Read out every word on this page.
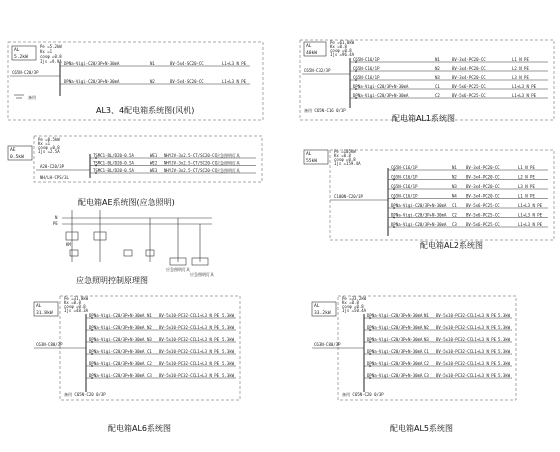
AL
5.2kW
Pe =5.2kW
Kx =1
cosφ =0.8
Ijs =9.9A
C65N-C20/3P
DPNa-Vigi-C20/3P+N-30mA	N1	BV-5x4-SC20-CC	L1+L3 N PE
DPNa-Vigi-C20/3P+N-30mA	N2	BV-5x4-SC20-CC	L1+L3 N PE
备用
AL3、4配电箱系统图(风机)
AL
40kW
Pe =61.8kW
Kx =0.8
cosφ =0.8
Ijs =96.4A
C65N-C32/3P
C65N-C16/1P	N1	BV-3x4-PC20-CC	L1 N PE
C65N-C16/1P	N2	BV-3x4-PC20-CC	L2 N PE
C65N-C16/1P	N3	BV-3x4-PC20-CC	L3 N PE
DPNa-Vigi-C20/3P+N-30mA	C1	BV-5x6-PC25-CC	L1+L3 N PE
DPNa-Vigi-C20/3P+N-30mA	C2	BV-5x6-PC25-CC	L1+L3 N PE
备用 C65N-C16 0/1P
配电箱AL1系统图
AE
0.5kW
Pe =0.5kW
Kx =1
cosφ =0.8
Ijs =2.5A
A20-C20/3P
TSMC1-BL/D20-0.5A	WE1 NHYJV-3x2.5-CT/SC20-CC 应急照明灯具
TSMC1-BL/D20-0.5A	WE2 NHYJV-3x2.5-CT/SC20-CC 应急照明灯具
TSMC1-BL/D20-0.5A	WE3 NHYJV-3x2.5-CT/SC20-CC 应急照明灯具
NH/LH-CPS/3L
配电箱AE系统图(应急照明)
AL
55kW
Pe =105kW
Kx =0.8
cosφ =0.8
Ijs =159.4A
C100N-C20/3P
C65N-C16/1P	N1 BV-3x4-PC20-CC	L1 N PE
C65N-C16/1P	N2 BV-3x4-PC20-CC	L2 N PE
C65N-C16/1P	N3 BV-3x4-PC20-CC	L3 N PE
C65N-C16/1P	N4 BV-3x4-PC20-CC	L1 N PE
DPNa-Vigi-C20/3P+N-30mA C1 BV-5x6-PC25-CC	L1+L3 N PE
DPNa-Vigi-C20/3P+N-30mA C2 BV-5x6-PC25-CC	L1+L3 N PE
DPNa-Vigi-C20/3P+N-30mA C3 BV-5x6-PC25-CC	L1+L3 N PE
配电箱AL2系统图
N
PE
KM
应急照明灯具
应急照明灯具
应急照明控制原理图
AL
31.8kW
Pe =31.8kW
Kx =0.8
cosφ =0.8
Ijs =48.3A
C63N-C80/3P
DPNa-Vigi-C20/3P+N-30mA N1 BV-5x10-PC32-CC L1+L3 N PE 5.3kW
DPNa-Vigi-C20/3P+N-30mA N2 BV-5x10-PC32-CC L1+L3 N PE 5.3kW
DPNa-Vigi-C20/3P+N-30mA N3 BV-5x10-PC32-CC L1+L3 N PE 5.3kW
DPNa-Vigi-C20/3P+N-30mA C1 BV-5x10-PC32-CC L1+L3 N PE 5.3kW
DPNa-Vigi-C20/3P+N-30mA C2 BV-5x10-PC32-CC L1+L3 N PE 5.3kW
DPNa-Vigi-C20/3P+N-30mA C3 BV-5x10-PC32-CC L1+L3 N PE 5.3kW
备用 C65N-C20 0/3P
配电箱AL6系统图
AL
33.2kW
Pe =33.2kW
Kx =0.8
cosφ =0.8
Ijs =50.4A
C63N-C80/3P
DPNa-Vigi-C20/3P+N-30mA N1 BV-5x10-PC32-CC L1+L3 N PE 5.3kW
DPNa-Vigi-C20/3P+N-30mA N2 BV-5x10-PC32-CC L1+L3 N PE 5.3kW
DPNa-Vigi-C20/3P+N-30mA N3 BV-5x10-PC32-CC L1+L3 N PE 5.3kW
DPNa-Vigi-C20/3P+N-30mA C1 BV-5x10-PC32-CC L1+L3 N PE 5.3kW
DPNa-Vigi-C20/3P+N-30mA C2 BV-5x10-PC32-CC L1+L3 N PE 5.3kW
DPNa-Vigi-C20/3P+N-30mA C3 BV-5x10-PC32-CC L1+L3 N PE 5.3kW
备用 C65N-C20 0/3P
配电箱AL5系统图
